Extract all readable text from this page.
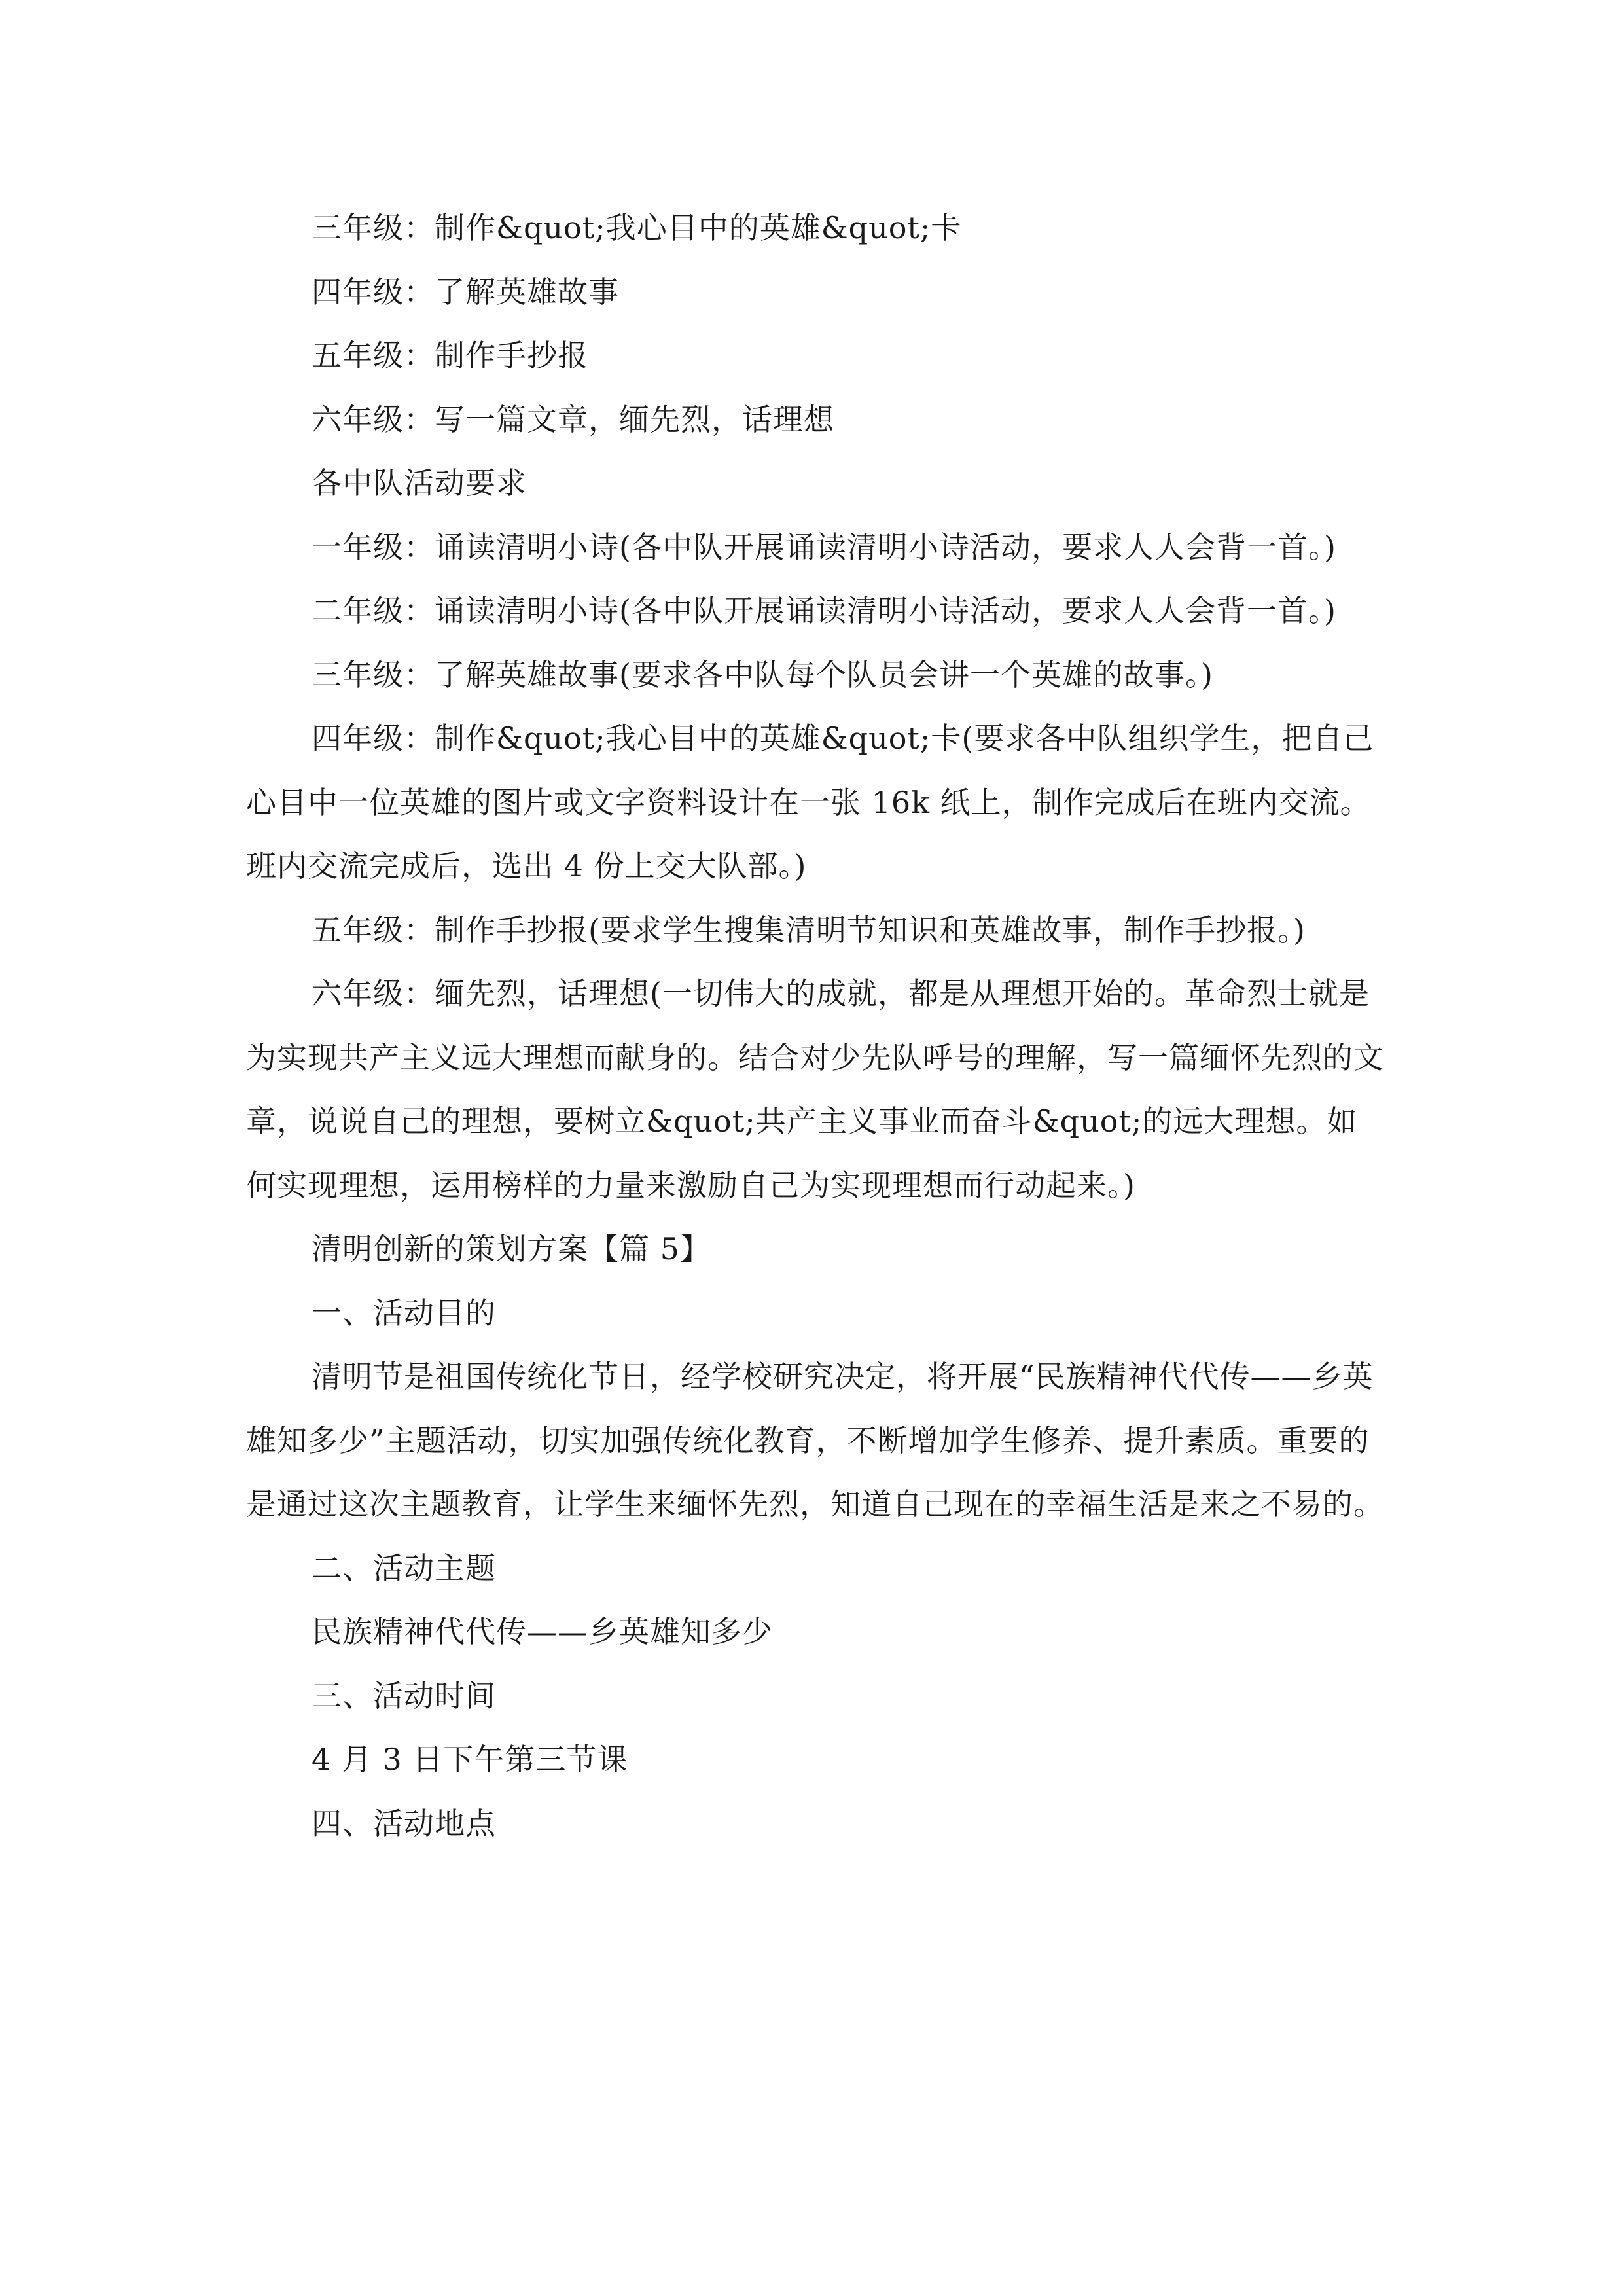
三年级：制作&quot;我心目中的英雄&quot;卡

四年级：了解英雄故事

五年级：制作手抄报

六年级：写一篇文章，缅先烈，话理想

各中队活动要求

一年级：诵读清明小诗(各中队开展诵读清明小诗活动，要求人人会背一首。)

二年级：诵读清明小诗(各中队开展诵读清明小诗活动，要求人人会背一首。)

三年级：了解英雄故事(要求各中队每个队员会讲一个英雄的故事。)

四年级：制作&quot;我心目中的英雄&quot;卡(要求各中队组织学生，把自己心目中一位英雄的图片或文字资料设计在一张 16k 纸上，制作完成后在班内交流。班内交流完成后，选出 4 份上交大队部。)

五年级：制作手抄报(要求学生搜集清明节知识和英雄故事，制作手抄报。)

六年级：缅先烈，话理想(一切伟大的成就，都是从理想开始的。革命烈士就是为实现共产主义远大理想而献身的。结合对少先队呼号的理解，写一篇缅怀先烈的文章，说说自己的理想，要树立&quot;共产主义事业而奋斗&quot;的远大理想。如何实现理想，运用榜样的力量来激励自己为实现理想而行动起来。)

清明创新的策划方案【篇 5】

一、活动目的

清明节是祖国传统化节日，经学校研究决定，将开展“民族精神代代传——乡英雄知多少”主题活动，切实加强传统化教育，不断增加学生修养、提升素质。重要的是通过这次主题教育，让学生来缅怀先烈，知道自己现在的幸福生活是来之不易的。

二、活动主题

民族精神代代传——乡英雄知多少

三、活动时间

4 月 3 日下午第三节课

四、活动地点
